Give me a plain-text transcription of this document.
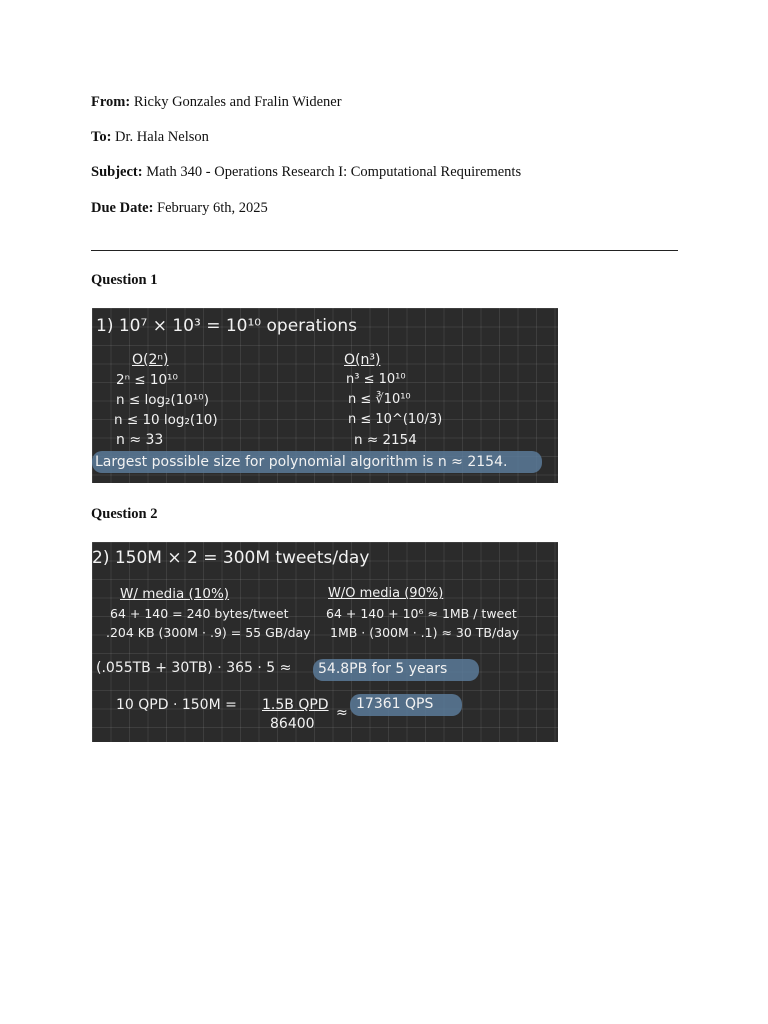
From: Ricky Gonzales and Fralin Widener
To: Dr. Hala Nelson
Subject: Math 340 - Operations Research I: Computational Requirements
Due Date: February 6th, 2025
Question 1
1) 10⁷ × 10³ = 10¹⁰ operations
O(2ⁿ)
2ⁿ ≤ 10¹⁰
n ≤ log₂(10¹⁰)
n ≤ 10 log₂(10)
n ≈ 33
O(n³)
n³ ≤ 10¹⁰
n ≤ ∛10¹⁰
n ≤ 10^(10/3)
n ≈ 2154
Largest possible size for polynomial algorithm is n ≈ 2154.
Question 2
2) 150M × 2 = 300M tweets/day
W/ media (10%)
64 + 140 = 240 bytes/tweet
.204 KB (300M · .9) = 55 GB/day
W/O media (90%)
64 + 140 + 10⁶ ≈ 1MB / tweet
1MB · (300M · .1) ≈ 30 TB/day
(.055TB + 30TB) · 365 · 5 ≈ 54.8PB for 5 years
10 QPD · 150M = 1.5B QPD
86400
≈
17361 QPS
